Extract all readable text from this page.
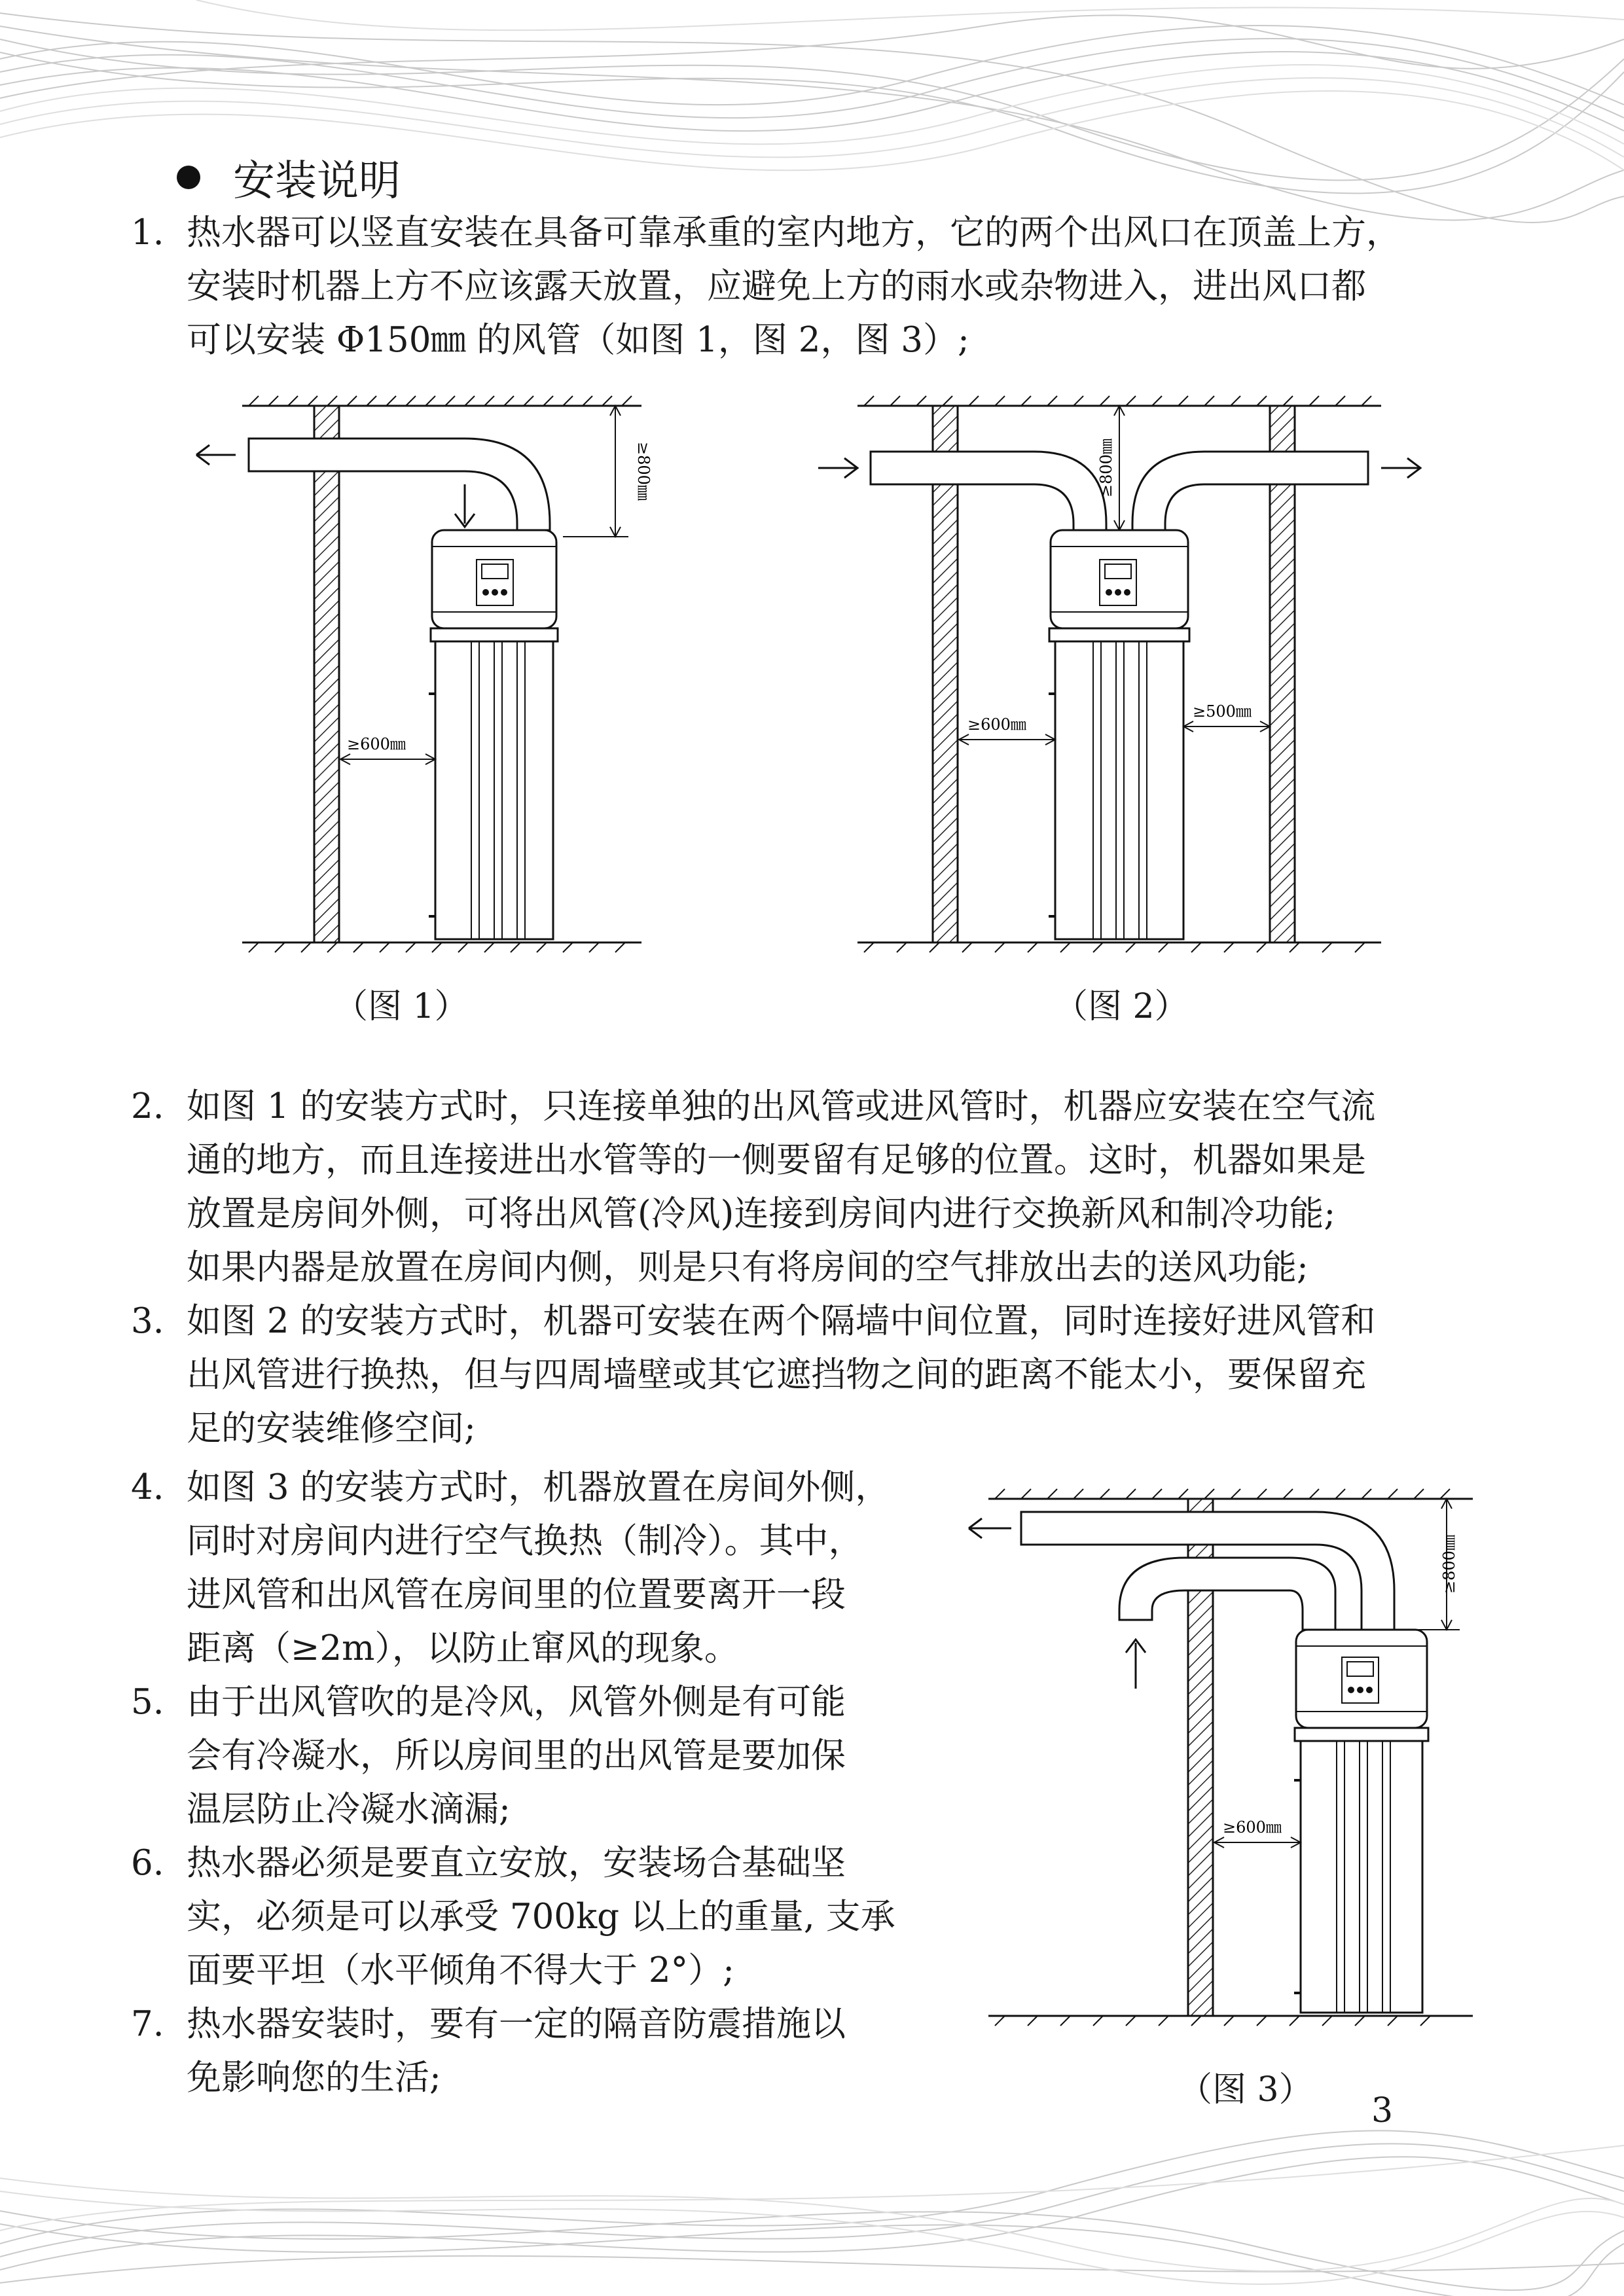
安装说明
1. 热水器可以竖直安装在具备可靠承重的室内地方，它的两个出风口在顶盖上方，
安装时机器上方不应该露天放置，应避免上方的雨水或杂物进入，进出风口都
可以安装 Φ150㎜ 的风管（如图 1，图 2，图 3）;
≥800㎜
≥600㎜
（图 1）
≥800㎜
≥600㎜
≥500㎜
（图 2）
2. 如图 1 的安装方式时，只连接单独的出风管或进风管时，机器应安装在空气流
通的地方，而且连接进出水管等的一侧要留有足够的位置。这时，机器如果是
放置是房间外侧，可将出风管(冷风)连接到房间内进行交换新风和制冷功能;
如果内器是放置在房间内侧，则是只有将房间的空气排放出去的送风功能;
3. 如图 2 的安装方式时，机器可安装在两个隔墙中间位置，同时连接好进风管和
出风管进行换热，但与四周墙壁或其它遮挡物之间的距离不能太小，要保留充
足的安装维修空间;
4. 如图 3 的安装方式时，机器放置在房间外侧，
同时对房间内进行空气换热（制冷）。其中，
进风管和出风管在房间里的位置要离开一段
距离（≥2m），以防止窜风的现象。
5. 由于出风管吹的是冷风，风管外侧是有可能
会有冷凝水，所以房间里的出风管是要加保
温层防止冷凝水滴漏;
6. 热水器必须是要直立安放，安装场合基础坚
实，必须是可以承受 700kg 以上的重量, 支承
面要平坦（水平倾角不得大于 2°）;
7. 热水器安装时，要有一定的隔音防震措施以
免影响您的生活;
≥800㎜
≥600㎜
（图 3）
3
